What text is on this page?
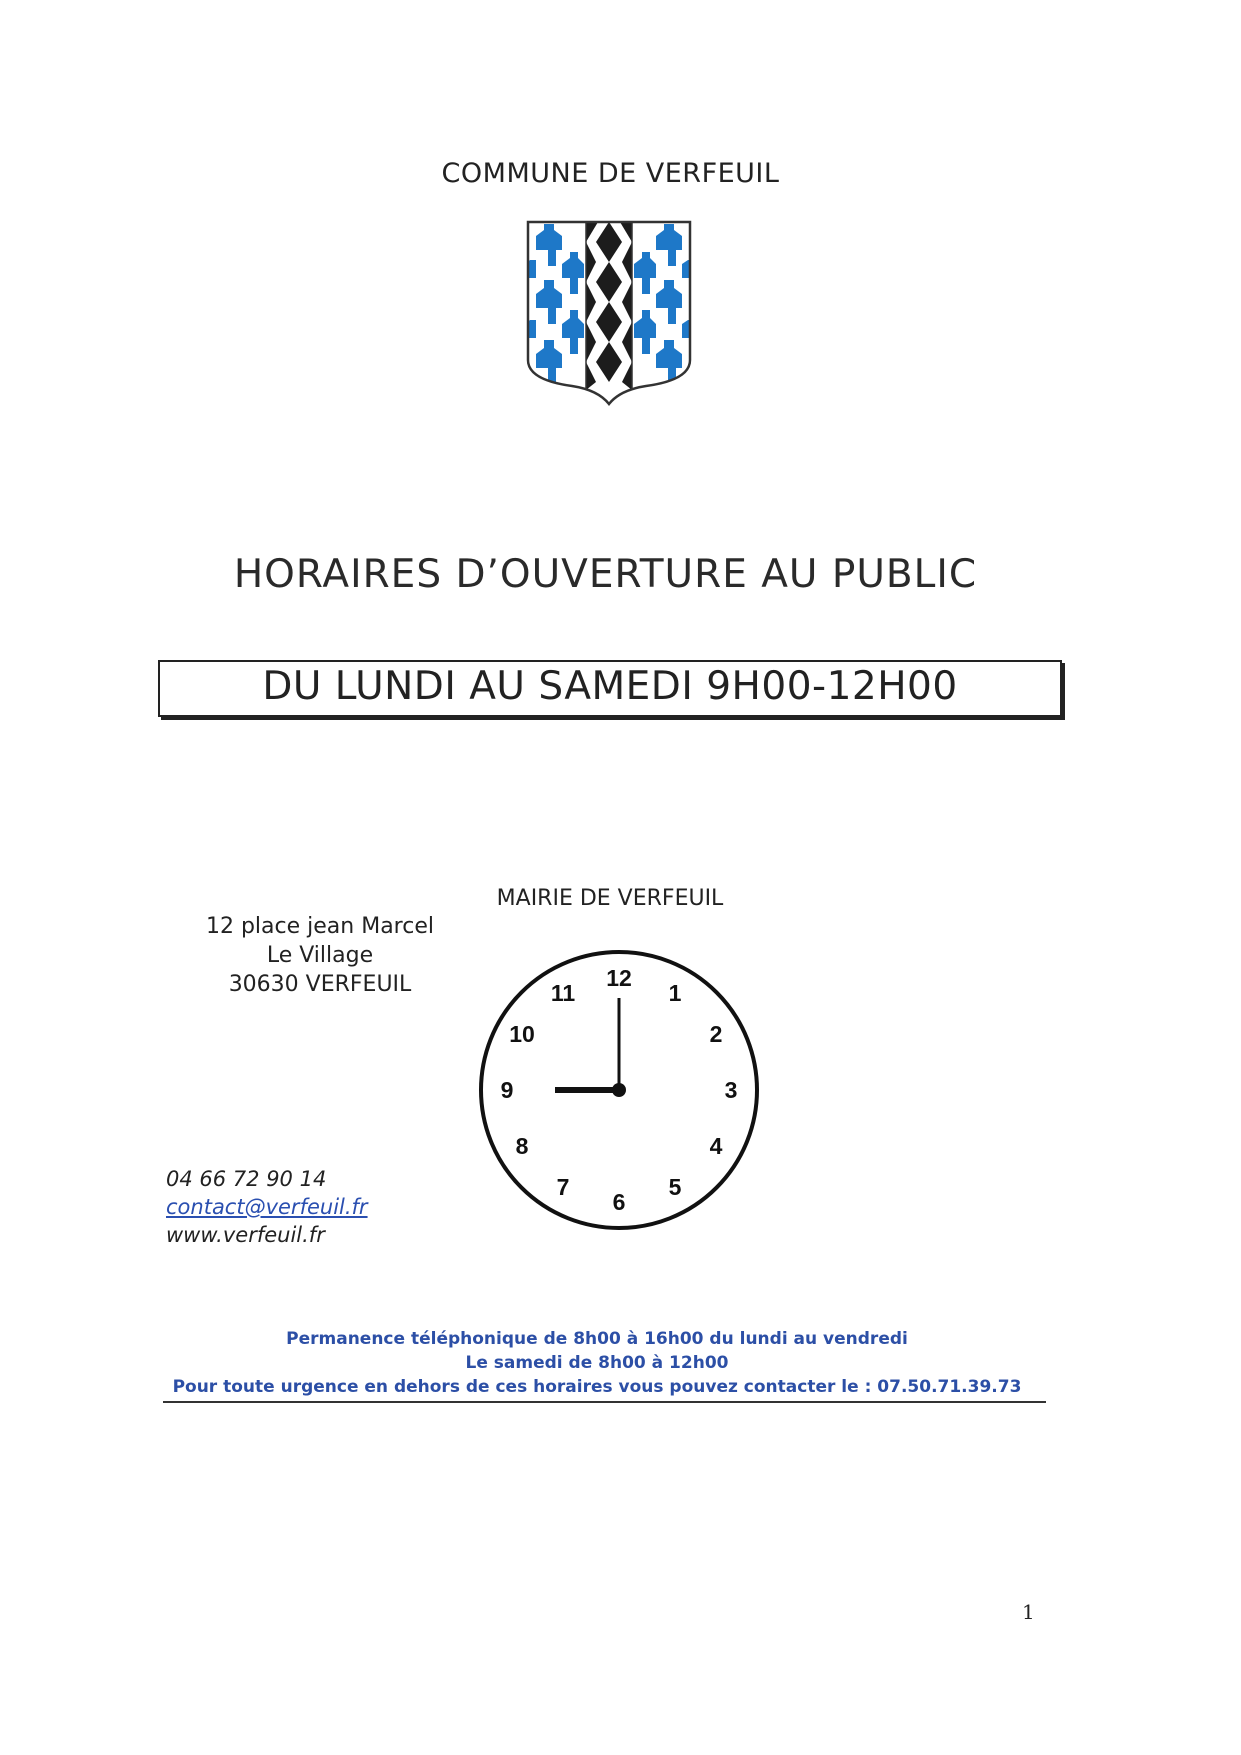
COMMUNE DE VERFEUIL
HORAIRES D’OUVERTURE AU PUBLIC
DU LUNDI AU SAMEDI 9H00-12H00
12 place jean Marcel
Le Village
30630 VERFEUIL
MAIRIE DE VERFEUIL
12
1
2
3
4
5
6
7
8
9
10
11
04 66 72 90 14
contact@verfeuil.fr
www.verfeuil.fr
Permanence téléphonique de 8h00 à 16h00 du lundi au vendredi
Le samedi de 8h00 à 12h00
Pour toute urgence en dehors de ces horaires vous pouvez contacter le : 07.50.71.39.73
1
